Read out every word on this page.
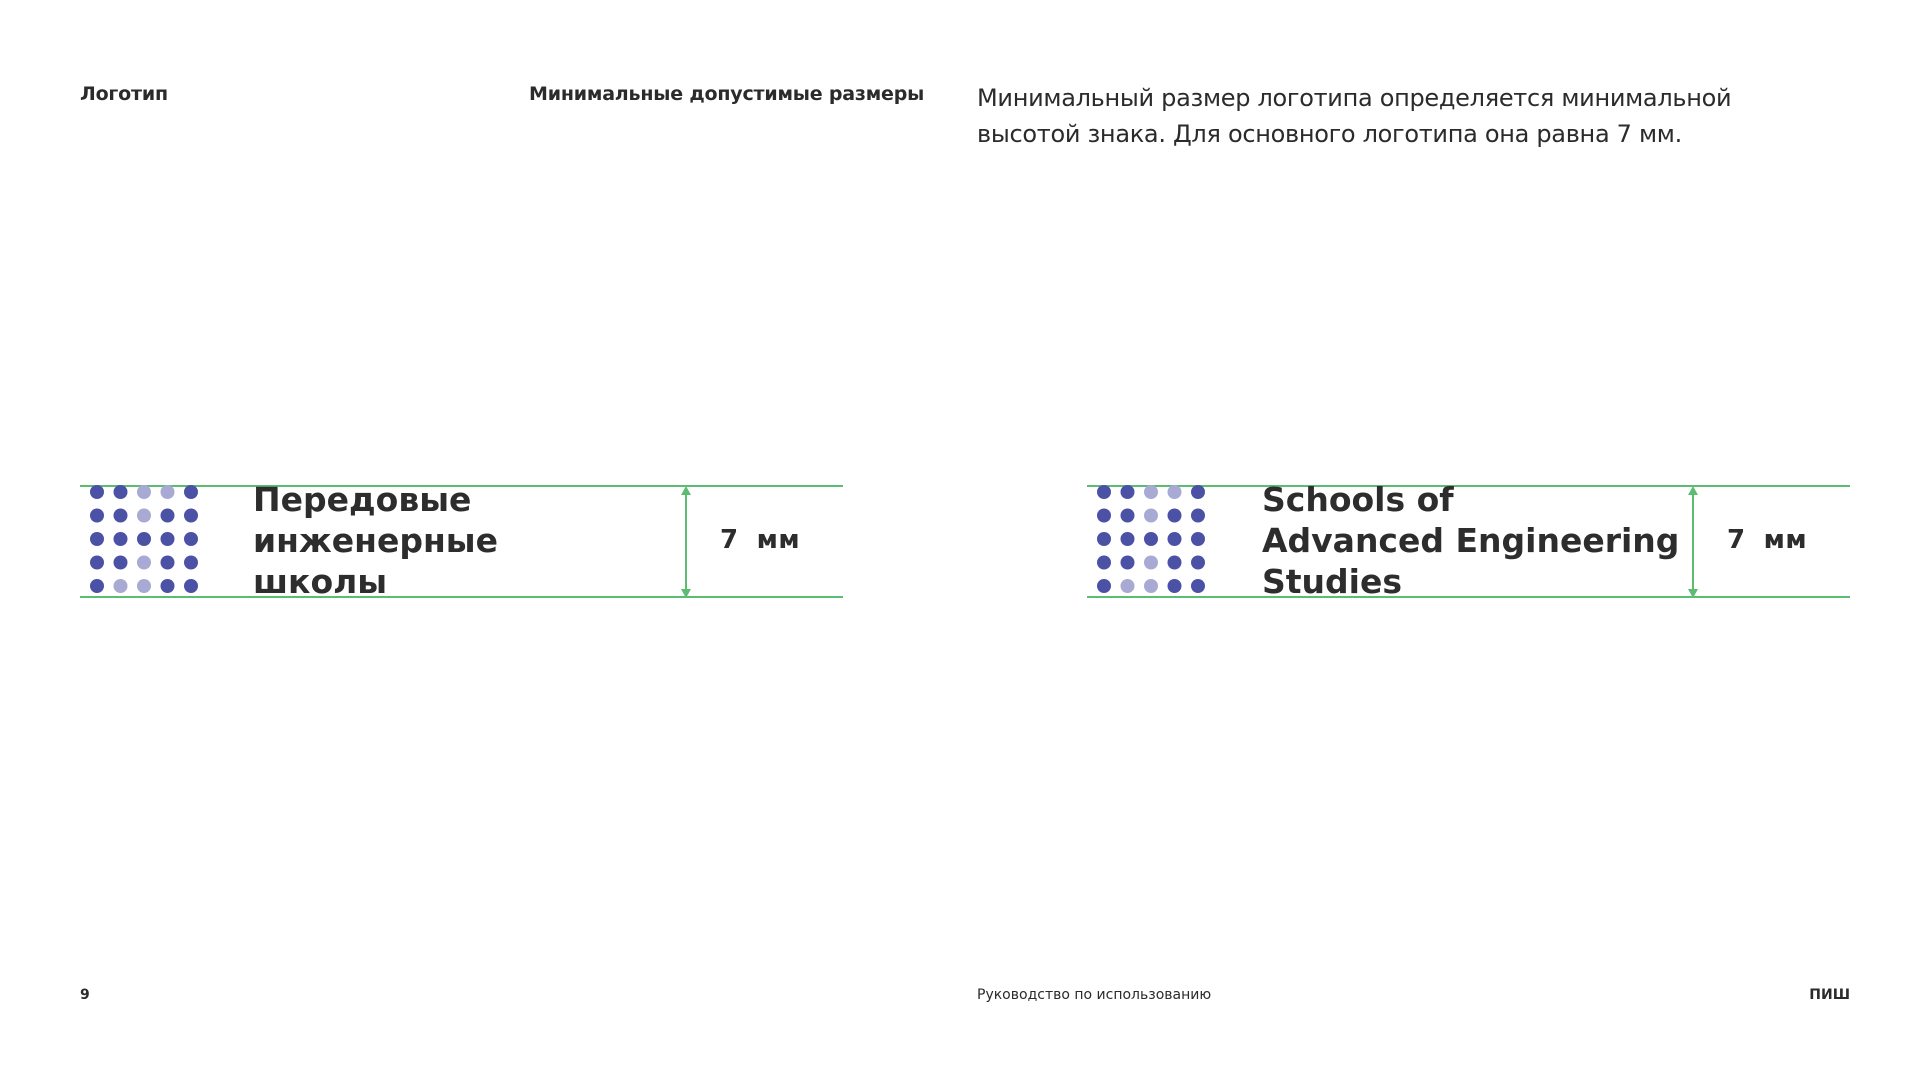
Логотип	Минимальные допустимые размеры Минимальный размер логотипа определяется минимальной высотой знака. Для основного логотипа она равна 7 мм.
Передовые
инженерные
школы
7 мм
Schools of
Advanced Engineering
Studies
7 мм
9	Руководство по использованию	ПИШ
